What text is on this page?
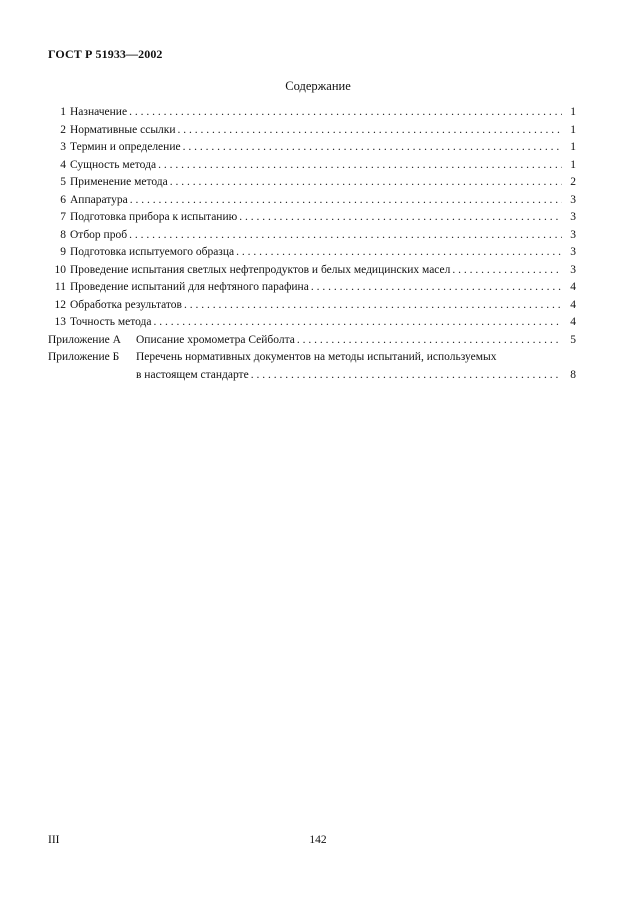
ГОСТ Р 51933—2002
Содержание
1 Назначение . . .	1
2 Нормативные ссылки . . .	1
3 Термин и определение . . .	1
4 Сущность метода . . .	1
5 Применение метода . . .	2
6 Аппаратура . . .	3
7 Подготовка прибора к испытанию . . .	3
8 Отбор проб . . .	3
9 Подготовка испытуемого образца . . .	3
10 Проведение испытания светлых нефтепродуктов и белых медицинских масел . . .	3
11 Проведение испытаний для нефтяного парафина . . .	4
12 Обработка результатов . . .	4
13 Точность метода . . .	4
Приложение А	Описание хромометра Сейболта . . .	5
Приложение Б	Перечень нормативных документов на методы испытаний, используемых
в настоящем стандарте . . .	8
III	142
